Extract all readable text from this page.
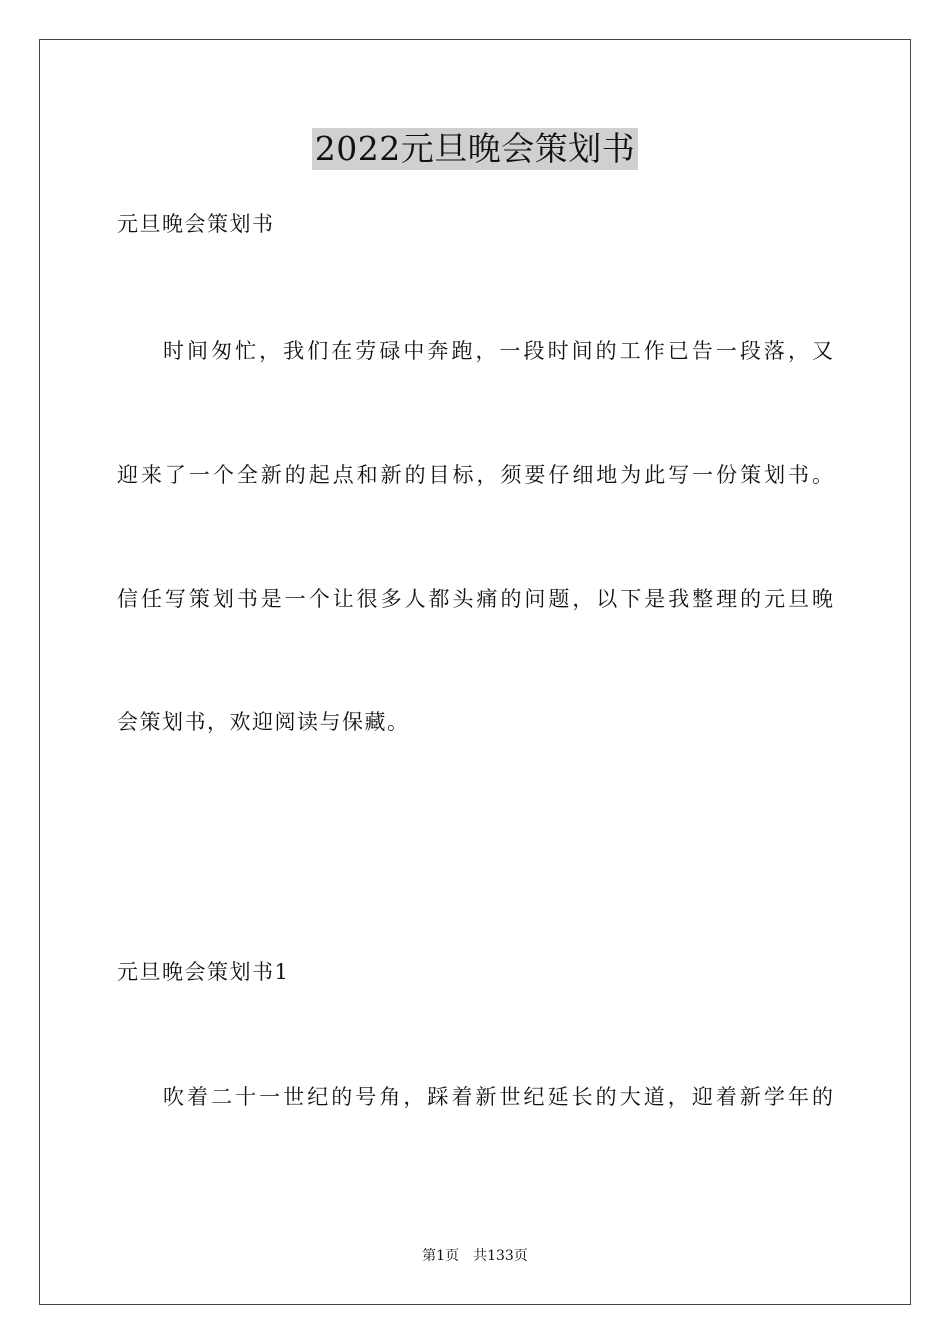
2022元旦晚会策划书
元旦晚会策划书
时间匆忙，我们在劳碌中奔跑，一段时间的工作已告一段落，又
迎来了一个全新的起点和新的目标，须要仔细地为此写一份策划书。
信任写策划书是一个让很多人都头痛的问题，以下是我整理的元旦晚
会策划书，欢迎阅读与保藏。
元旦晚会策划书1
吹着二十一世纪的号角，踩着新世纪延长的大道，迎着新学年的
第1页　共133页
